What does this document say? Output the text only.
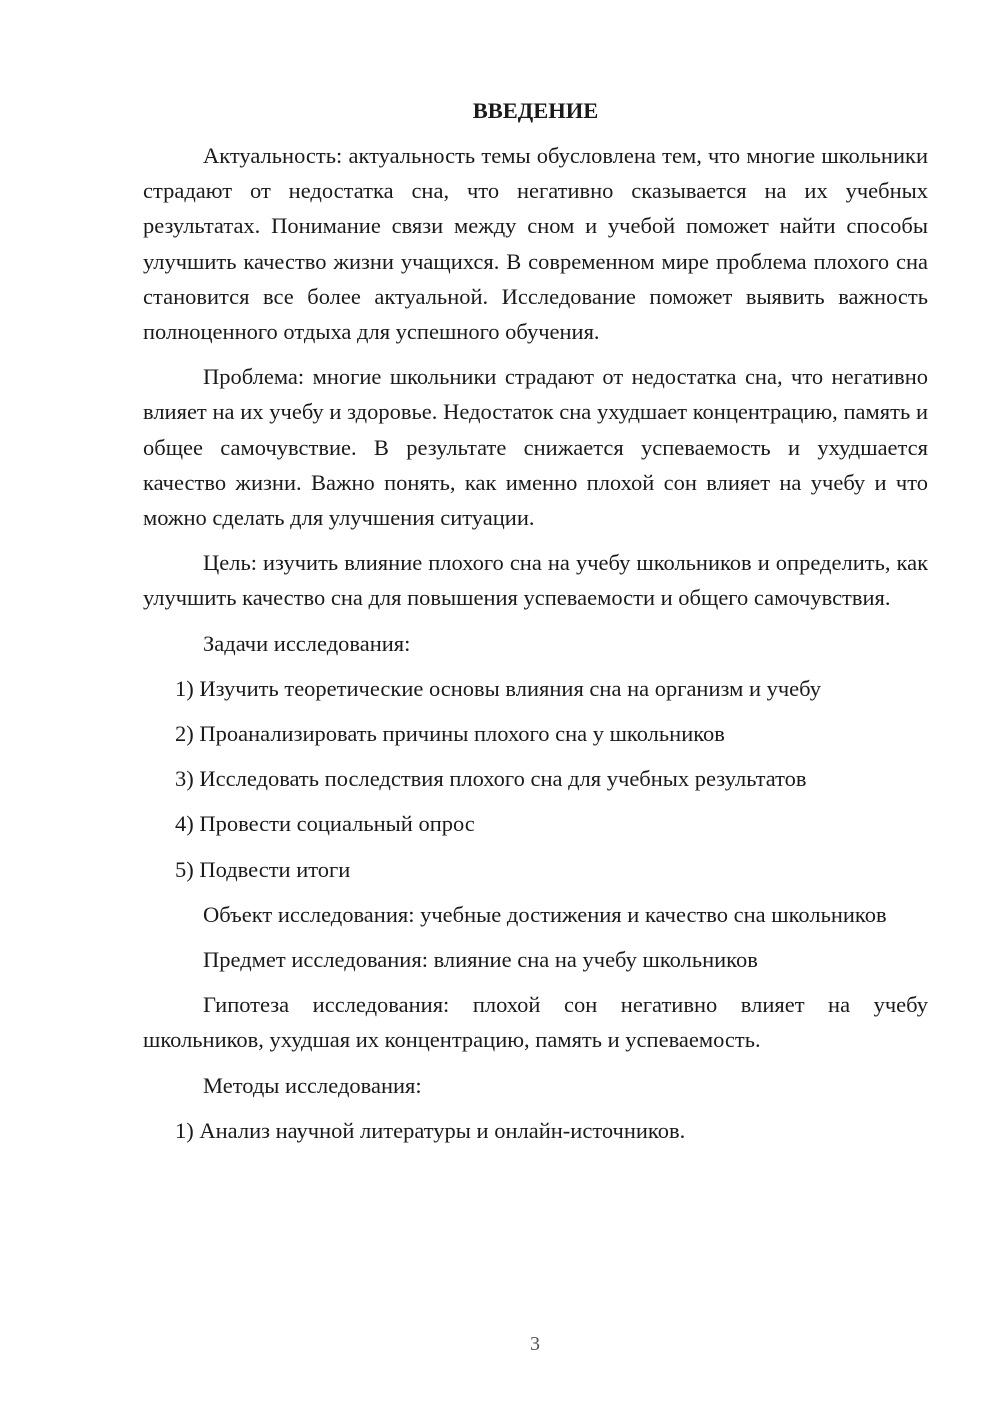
ВВЕДЕНИЕ

Актуальность: актуальность темы обусловлена тем, что многие школьники страдают от недостатка сна, что негативно сказывается на их учебных результатах. Понимание связи между сном и учебой поможет найти способы улучшить качество жизни учащихся. В современном мире проблема плохого сна становится все более актуальной. Исследование поможет выявить важность полноценного отдыха для успешного обучения.

Проблема: многие школьники страдают от недостатка сна, что негативно влияет на их учебу и здоровье. Недостаток сна ухудшает концентрацию, память и общее самочувствие. В результате снижается успеваемость и ухудшается качество жизни. Важно понять, как именно плохой сон влияет на учебу и что можно сделать для улучшения ситуации.

Цель: изучить влияние плохого сна на учебу школьников и определить, как улучшить качество сна для повышения успеваемости и общего самочувствия.

Задачи исследования:

1) Изучить теоретические основы влияния сна на организм и учебу

2) Проанализировать причины плохого сна у школьников

3) Исследовать последствия плохого сна для учебных результатов

4) Провести социальный опрос

5) Подвести итоги

Объект исследования: учебные достижения и качество сна школьников

Предмет исследования: влияние сна на учебу школьников

Гипотеза исследования: плохой сон негативно влияет на учебу школьников, ухудшая их концентрацию, память и успеваемость.

Методы исследования:

1) Анализ научной литературы и онлайн-источников.

3
